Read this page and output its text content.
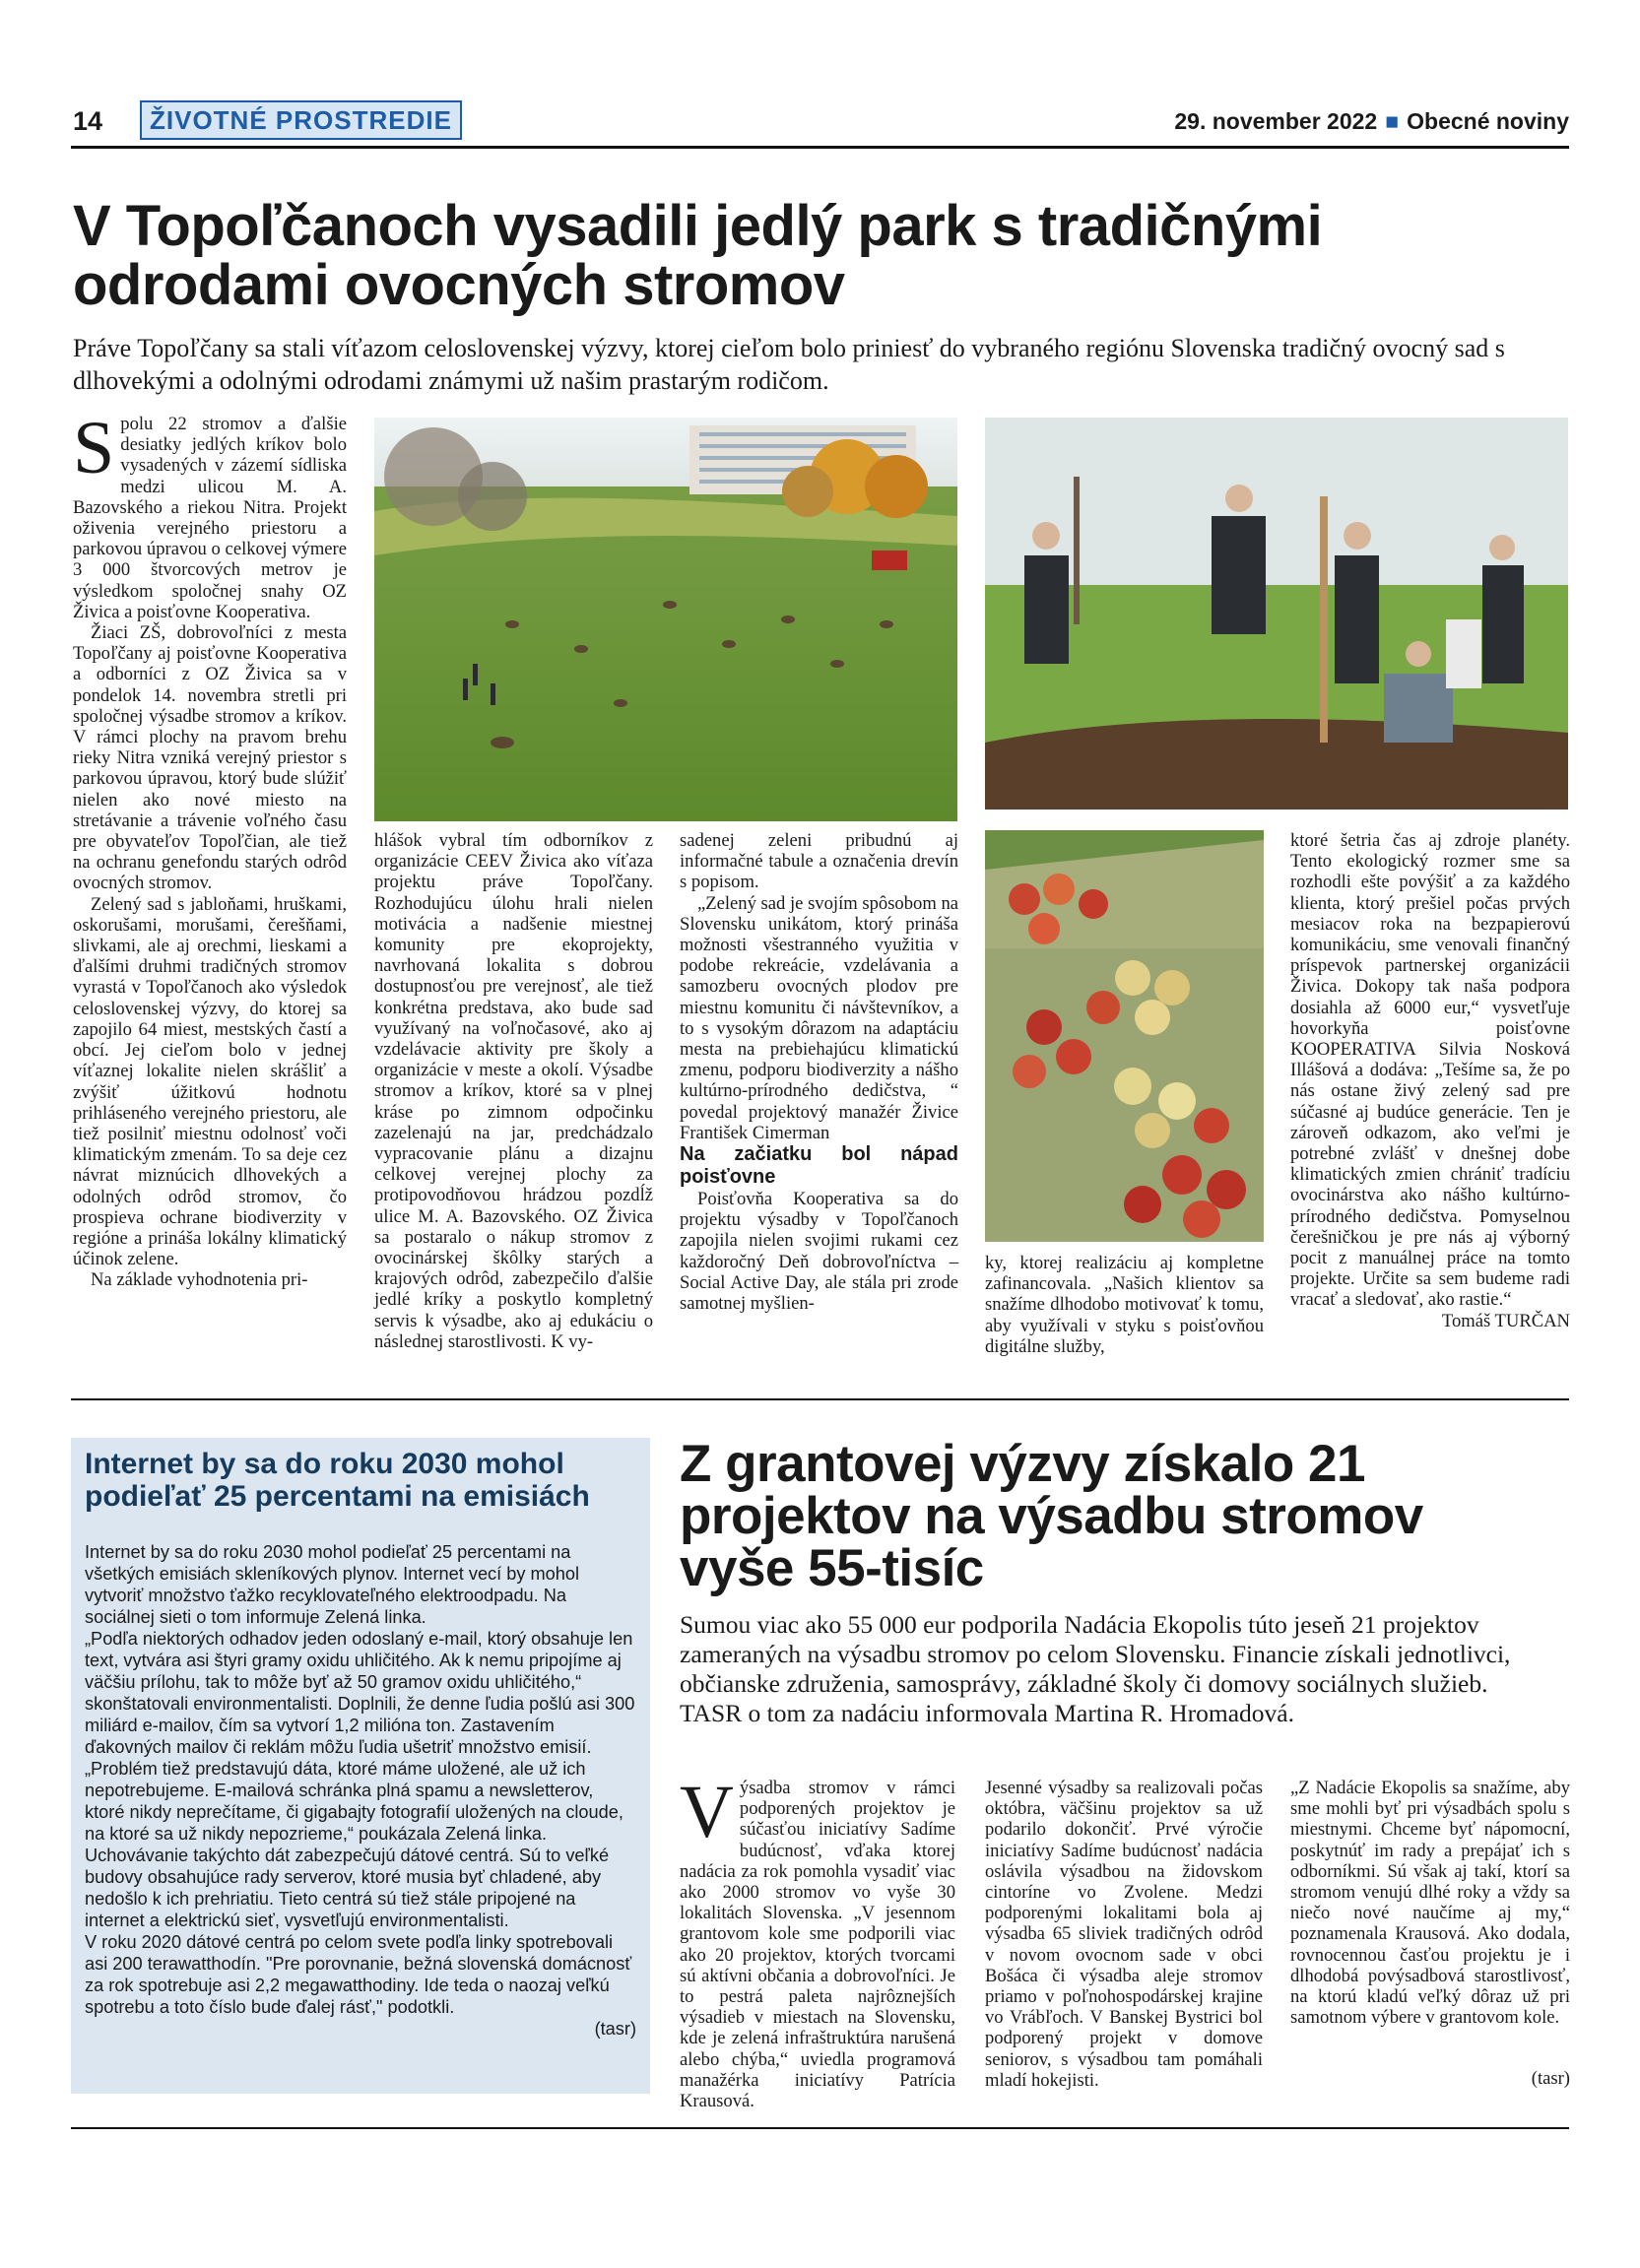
14	ŽIVOTNÉ PROSTREDIE	29. november 2022 ■ Obecné noviny
V Topoľčanoch vysadili jedlý park s tradičnými odrodami ovocných stromov
Práve Topoľčany sa stali víťazom celoslovenskej výzvy, ktorej cieľom bolo priniesť do vybraného regiónu Slovenska tradičný ovocný sad s dlhovekými a odolnými odrodami známymi už našim prastarým rodičom.

Spolu 22 stromov a ďalšie desiatky jedlých kríkov bolo vysadených v zázemí sídliska medzi ulicou M. A. Bazovského a riekou Nitra. Projekt oživenia verejného priestoru a parkovou úpravou o celkovej výmere 3 000 štvorcových metrov je výsledkom spoločnej snahy OZ Živica a poisťovne Kooperativa.

Žiaci ZŠ, dobrovoľníci z mesta Topoľčany aj poisťovne Kooperativa a odborníci z OZ Živica sa v pondelok 14. novembra stretli pri spoločnej výsadbe stromov a kríkov. V rámci plochy na pravom brehu rieky Nitra vzniká verejný priestor s parkovou úpravou, ktorý bude slúžiť nielen ako nové miesto na stretávanie a trávenie voľného času pre obyvateľov Topoľčian, ale tiež na ochranu genefondu starých odrôd ovocných stromov.

Zelený sad s jabloňami, hruškami, oskorušami, morušami, čerešňami, slivkami, ale aj orechmi, lieskami a ďalšími druhmi tradičných stromov vyrastá v Topoľčanoch ako výsledok celoslovenskej výzvy, do ktorej sa zapojilo 64 miest, mestských častí a obcí. Jej cieľom bolo v jednej víťaznej lokalite nielen skrášliť a zvýšiť úžitkovú hodnotu prihláseného verejného priestoru, ale tiež posilniť miestnu odolnosť voči klimatickým zmenám. To sa deje cez návrat miznúcich dlhovekých a odolných odrôd stromov, čo prospieva ochrane biodiverzity v regióne a prináša lokálny klimatický účinok zelene.

Na základe vyhodnotenia pri-

hlášok vybral tím odborníkov z organizácie CEEV Živica ako víťaza projektu práve Topoľčany. Rozhodujúcu úlohu hrali nielen motivácia a nadšenie miestnej komunity pre ekoprojekty, navrhovaná lokalita s dobrou dostupnosťou pre verejnosť, ale tiež konkrétna predstava, ako bude sad využívaný na voľnočasové, ako aj vzdelávacie aktivity pre školy a organizácie v meste a okolí. Výsadbe stromov a kríkov, ktoré sa v plnej kráse po zimnom odpočinku zazelenajú na jar, predchádzalo vypracovanie plánu a dizajnu celkovej verejnej plochy za protipovodňovou hrádzou pozdĺž ulice M. A. Bazovského. OZ Živica sa postaralo o nákup stromov z ovocinárskej škôlky starých a krajových odrôd, zabezpečilo ďalšie jedlé kríky a poskytlo kompletný servis k výsadbe, ako aj edukáciu o následnej starostlivosti. K vy-

sadenej zeleni pribudnú aj informačné tabule a označenia drevín s popisom.

„Zelený sad je svojím spôsobom na Slovensku unikátom, ktorý prináša možnosti všestranného využitia v podobe rekreácie, vzdelávania a samozberu ovocných plodov pre miestnu komunitu či návštevníkov, a to s vysokým dôrazom na adaptáciu mesta na prebiehajúcu klimatickú zmenu, podporu biodiverzity a nášho kultúrno-prírodného dedičstva, “ povedal projektový manažér Živice František Cimerman

Na začiatku bol nápad poisťovne

Poisťovňa Kooperativa sa do projektu výsadby v Topoľčanoch zapojila nielen svojimi rukami cez každoročný Deň dobrovoľníctva – Social Active Day, ale stála pri zrode samotnej myšlien-

ky, ktorej realizáciu aj kompletne zafinancovala. „Našich klientov sa snažíme dlhodobo motivovať k tomu, aby využívali v styku s poisťovňou digitálne služby,

ktoré šetria čas aj zdroje planéty. Tento ekologický rozmer sme sa rozhodli ešte povýšiť a za každého klienta, ktorý prešiel počas prvých mesiacov roka na bezpapierovú komunikáciu, sme venovali finančný príspevok partnerskej organizácii Živica. Dokopy tak naša podpora dosiahla až 6000 eur,“ vysvetľuje hovorkyňa poisťovne KOOPERATIVA Silvia Nosková Illášová a dodáva: „Tešíme sa, že po nás ostane živý zelený sad pre súčasné aj budúce generácie. Ten je zároveň odkazom, ako veľmi je potrebné zvlášť v dnešnej dobe klimatických zmien chrániť tradíciu ovocinárstva ako nášho kultúrno-prírodného dedičstva. Pomyselnou čerešničkou je pre nás aj výborný pocit z manuálnej práce na tomto projekte. Určite sa sem budeme radi vracať a sledovať, ako rastie.“

Tomáš TURČAN

Internet by sa do roku 2030 mohol podieľať 25 percentami na emisiách

Internet by sa do roku 2030 mohol podieľať 25 percentami na všetkých emisiách skleníkových plynov. Internet vecí by mohol vytvoriť množstvo ťažko recyklovateľného elektroodpadu. Na sociálnej sieti o tom informuje Zelená linka.

„Podľa niektorých odhadov jeden odoslaný e-mail, ktorý obsahuje len text, vytvára asi štyri gramy oxidu uhličitého. Ak k nemu pripojíme aj väčšiu prílohu, tak to môže byť až 50 gramov oxidu uhličitého,“ skonštatovali environmentalisti. Doplnili, že denne ľudia pošlú asi 300 miliárd e-mailov, čím sa vytvorí 1,2 milióna ton. Zastavením ďakovných mailov či reklám môžu ľudia ušetriť množstvo emisií.

„Problém tiež predstavujú dáta, ktoré máme uložené, ale už ich nepotrebujeme. E-mailová schránka plná spamu a newsletterov, ktoré nikdy neprečítame, či gigabajty fotografií uložených na cloude, na ktoré sa už nikdy nepozrieme,“ poukázala Zelená linka. Uchovávanie takýchto dát zabezpečujú dátové centrá. Sú to veľké budovy obsahujúce rady serverov, ktoré musia byť chladené, aby nedošlo k ich prehriatiu. Tieto centrá sú tiež stále pripojené na internet a elektrickú sieť, vysvetľujú environmentalisti.

V roku 2020 dátové centrá po celom svete podľa linky spotrebovali asi 200 terawatthodín. "Pre porovnanie, bežná slovenská domácnosť za rok spotrebuje asi 2,2 megawatthodiny. Ide teda o naozaj veľkú spotrebu a toto číslo bude ďalej rásť," podotkli.

(tasr)

Z grantovej výzvy získalo 21 projektov na výsadbu stromov vyše 55-tisíc
Sumou viac ako 55 000 eur podporila Nadácia Ekopolis túto jeseň 21 projektov zameraných na výsadbu stromov po celom Slovensku. Financie získali jednotlivci, občianske združenia, samosprávy, základné školy či domovy sociálnych služieb. TASR o tom za nadáciu informovala Martina R. Hromadová.

Výsadba stromov v rámci podporených projektov je súčasťou iniciatívy Sadíme budúcnosť, vďaka ktorej nadácia za rok pomohla vysadiť viac ako 2000 stromov vo vyše 30 lokalitách Slovenska. „V jesennom grantovom kole sme podporili viac ako 20 projektov, ktorých tvorcami sú aktívni občania a dobrovoľníci. Je to pestrá paleta najrôznejších výsadieb v miestach na Slovensku, kde je zelená infraštruktúra narušená alebo chýba,“ uviedla programová manažérka iniciatívy Patrícia Krausová.

Jesenné výsadby sa realizovali počas októbra, väčšinu projektov sa už podarilo dokončiť. Prvé výročie iniciatívy Sadíme budúcnosť nadácia oslávila výsadbou na židovskom cintoríne vo Zvolene. Medzi podporenými lokalitami bola aj výsadba 65 sliviek tradičných odrôd v novom ovocnom sade v obci Bošáca či výsadba aleje stromov priamo v poľnohospodárskej krajine vo Vrábľoch. V Banskej Bystrici bol podporený projekt v domove seniorov, s výsadbou tam pomáhali mladí hokejisti.

„Z Nadácie Ekopolis sa snažíme, aby sme mohli byť pri výsadbách spolu s miestnymi. Chceme byť nápomocní, poskytnúť im rady a prepájať ich s odborníkmi. Sú však aj takí, ktorí sa stromom venujú dlhé roky a vždy sa niečo nové naučíme aj my,“ poznamenala Krausová. Ako dodala, rovnocennou časťou projektu je i dlhodobá povýsadbová starostlivosť, na ktorú kladú veľký dôraz už pri samotnom výbere v grantovom kole.

(tasr)
